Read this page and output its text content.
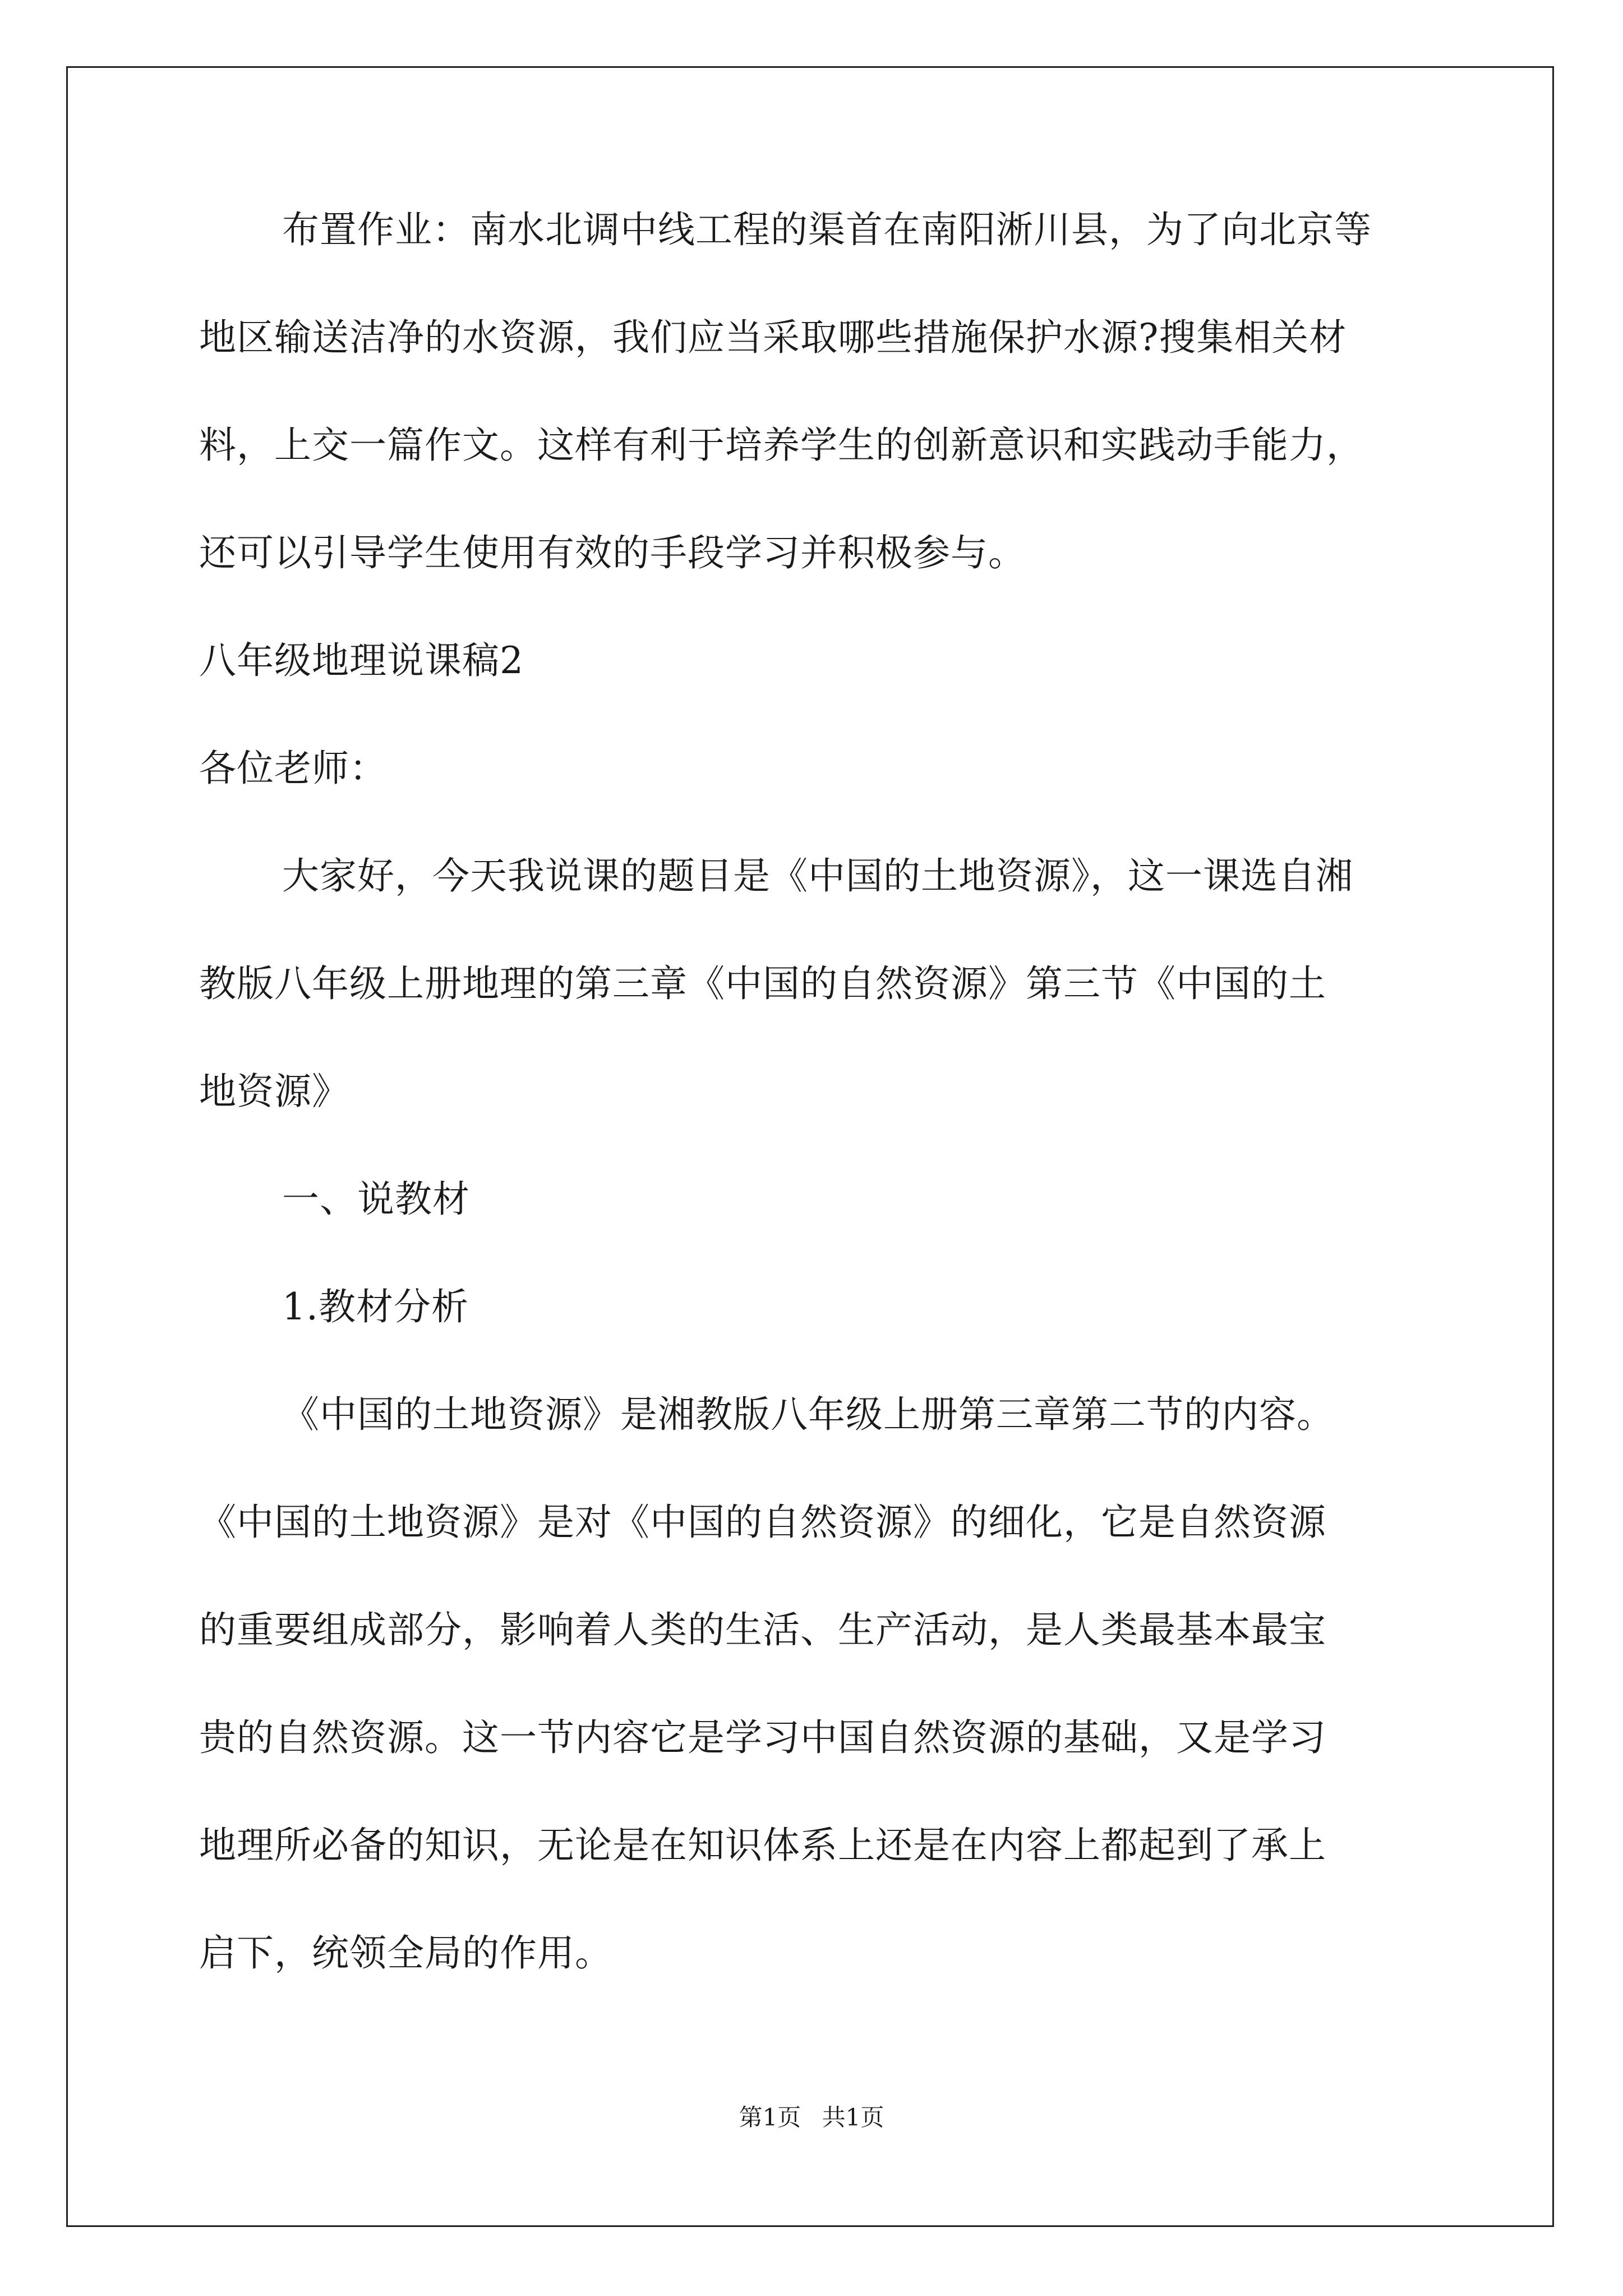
布置作业：南水北调中线工程的渠首在南阳淅川县，为了向北京等
地区输送洁净的水资源，我们应当采取哪些措施保护水源?搜集相关材
料，上交一篇作文。这样有利于培养学生的创新意识和实践动手能力，
还可以引导学生使用有效的手段学习并积极参与。
八年级地理说课稿2
各位老师：
大家好，今天我说课的题目是《中国的土地资源》，这一课选自湘
教版八年级上册地理的第三章《中国的自然资源》第三节《中国的土
地资源》
一、说教材
1.教材分析
《中国的土地资源》是湘教版八年级上册第三章第二节的内容。
《中国的土地资源》是对《中国的自然资源》的细化，它是自然资源
的重要组成部分，影响着人类的生活、生产活动，是人类最基本最宝
贵的自然资源。这一节内容它是学习中国自然资源的基础，又是学习
地理所必备的知识，无论是在知识体系上还是在内容上都起到了承上
启下，统领全局的作用。
第1页 共1页
